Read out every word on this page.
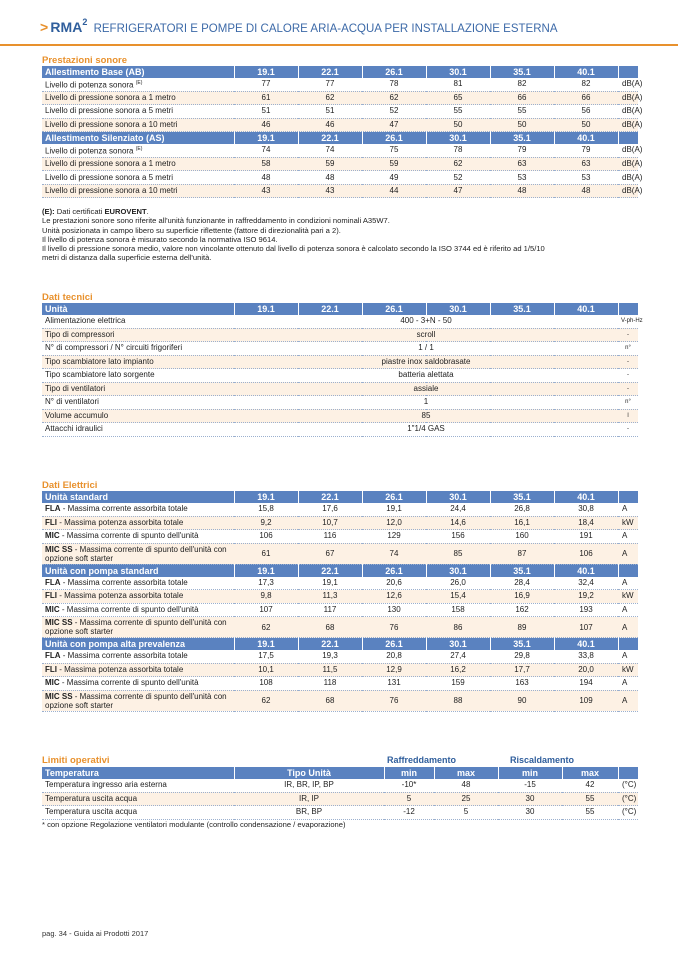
> $RMA^2$ REFRIGERATORI E POMPE DI CALORE ARIA-ACQUA PER INSTALLAZIONE ESTERNA
Prestazioni sonore
Allestimento Base (AB)	19.1	22.1	26.1	30.1	35.1	40.1	
Livello di potenza sonora $^{(E)}$	77	77	78	81	82	82	dB(A)
Livello di pressione sonora a 1 metro	61	62	62	65	66	66	dB(A)
Livello di pressione sonora a 5 metri	51	51	52	55	55	56	dB(A)
Livello di pressione sonora a 10 metri	46	46	47	50	50	50	dB(A)
Allestimento Silenziato (AS)	19.1	22.1	26.1	30.1	35.1	40.1	
Livello di potenza sonora $^{(E)}$	74	74	75	78	79	79	dB(A)
Livello di pressione sonora a 1 metro	58	59	59	62	63	63	dB(A)
Livello di pressione sonora a 5 metri	48	48	49	52	53	53	dB(A)
Livello di pressione sonora a 10 metri	43	43	44	47	48	48	dB(A)
(E): Dati certificati EUROVENT.
Le prestazioni sonore sono riferite all'unità funzionante in raffreddamento in condizioni nominali A35W7.
Unità posizionata in campo libero su superficie riflettente (fattore di direzionalità pari a 2).
Il livello di potenza sonora è misurato secondo la normativa ISO 9614.
Il livello di pressione sonora medio, valore non vincolante ottenuto dal livello di potenza sonora è calcolato secondo la ISO 3744 ed è riferito ad 1/5/10
metri di distanza dalla superficie esterna dell'unità.
Dati tecnici
Unità	19.1	22.1	26.1	30.1	35.1	40.1	
Alimentazione elettrica	400 - 3+N - 50						V-ph-Hz
Tipo di compressori	scroll						-
N° di compressori / N° circuiti frigoriferi	1 / 1						n°
Tipo scambiatore lato impianto	piastre inox saldobrasate						-
Tipo scambiatore lato sorgente	batteria alettata						-
Tipo di ventilatori	assiale						-
N° di ventilatori	1						n°
Volume accumulo	85						l
Attacchi idraulici	1"1/4 GAS						-
Dati Elettrici
Unità standard	19.1	22.1	26.1	30.1	35.1	40.1	
FLA - Massima corrente assorbita totale	15,8	17,6	19,1	24,4	26,8	30,8	A
FLI - Massima potenza assorbita totale	9,2	10,7	12,0	14,6	16,1	18,4	kW
MIC - Massima corrente di spunto dell'unità	106	116	129	156	160	191	A
MIC SS - Massima corrente di spunto dell'unità con opzione soft starter	61	67	74	85	87	106	A
Unità con pompa standard	19.1	22.1	26.1	30.1	35.1	40.1	
FLA - Massima corrente assorbita totale	17,3	19,1	20,6	26,0	28,4	32,4	A
FLI - Massima potenza assorbita totale	9,8	11,3	12,6	15,4	16,9	19,2	kW
MIC - Massima corrente di spunto dell'unità	107	117	130	158	162	193	A
MIC SS - Massima corrente di spunto dell'unità con opzione soft starter	62	68	76	86	89	107	A
Unità con pompa alta prevalenza	19.1	22.1	26.1	30.1	35.1	40.1	
FLA - Massima corrente assorbita totale	17,5	19,3	20,8	27,4	29,8	33,8	A
FLI - Massima potenza assorbita totale	10,1	11,5	12,9	16,2	17,7	20,0	kW
MIC - Massima corrente di spunto dell'unità	108	118	131	159	163	194	A
MIC SS - Massima corrente di spunto dell'unità con opzione soft starter	62	68	76	88	90	109	A
Limiti operativi	Raffreddamento	Riscaldamento
Temperatura	Tipo Unità	min	max	min	max	
Temperatura ingresso aria esterna	IR, BR, IP, BP	-10*	48	-15	42	(°C)
Temperatura uscita acqua	IR, IP	5	25	30	55	(°C)
Temperatura uscita acqua	BR, BP	-12	5	30	55	(°C)
* con opzione Regolazione ventilatori modulante (controllo condensazione / evaporazione)
pag. 34 - Guida ai Prodotti 2017
